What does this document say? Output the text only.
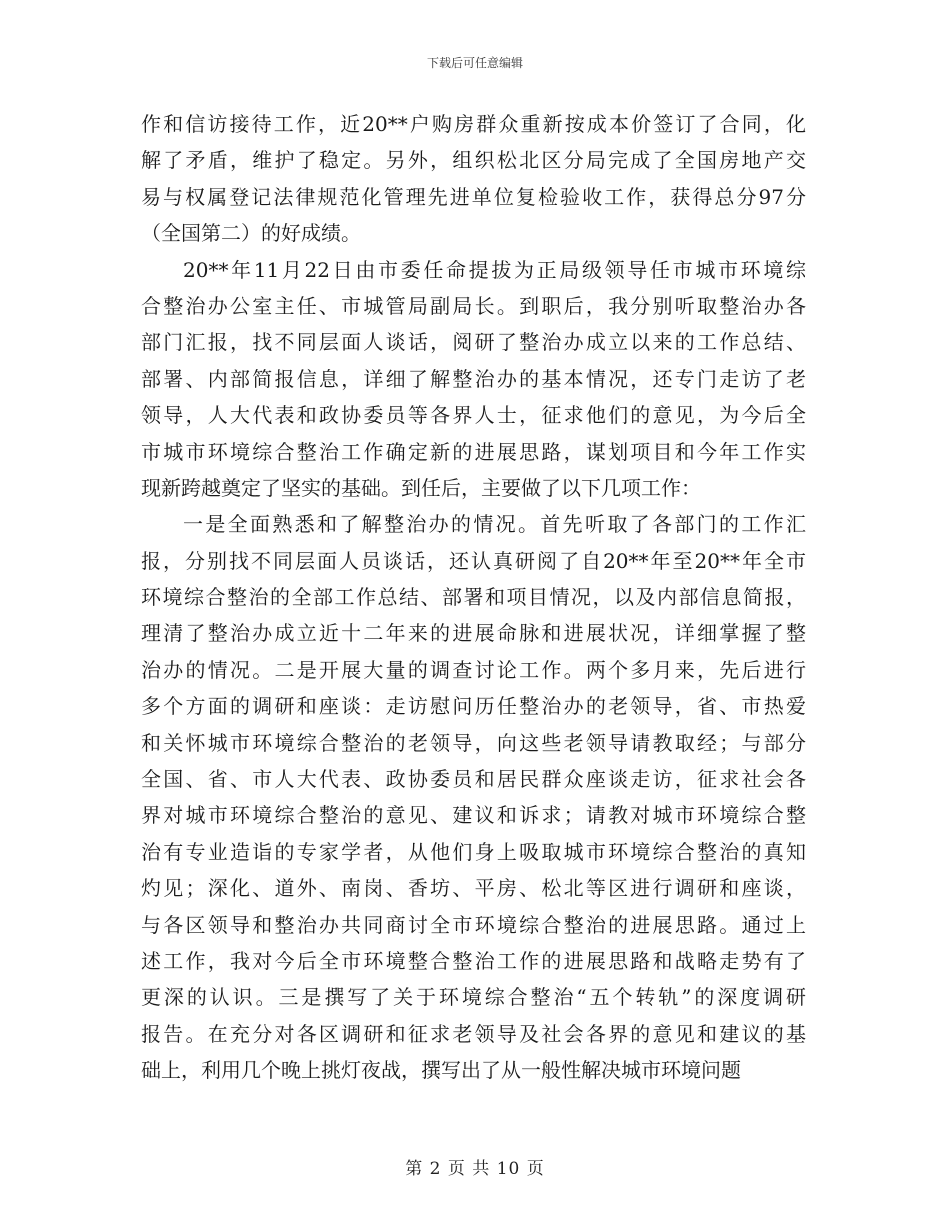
下载后可任意编辑
作和信访接待工作，近20**户购房群众重新按成本价签订了合同，化
解了矛盾，维护了稳定。另外，组织松北区分局完成了全国房地产交
易与权属登记法律规范化管理先进单位复检验收工作，获得总分97分
（全国第二）的好成绩。
20**年11月22日由市委任命提拔为正局级领导任市城市环境综
合整治办公室主任、市城管局副局长。到职后，我分别听取整治办各
部门汇报，找不同层面人谈话，阅研了整治办成立以来的工作总结、
部署、内部简报信息，详细了解整治办的基本情况，还专门走访了老
领导，人大代表和政协委员等各界人士，征求他们的意见，为今后全
市城市环境综合整治工作确定新的进展思路，谋划项目和今年工作实
现新跨越奠定了坚实的基础。到任后，主要做了以下几项工作：
一是全面熟悉和了解整治办的情况。首先听取了各部门的工作汇
报，分别找不同层面人员谈话，还认真研阅了自20**年至20**年全市
环境综合整治的全部工作总结、部署和项目情况，以及内部信息简报，
理清了整治办成立近十二年来的进展命脉和进展状况，详细掌握了整
治办的情况。二是开展大量的调查讨论工作。两个多月来，先后进行
多个方面的调研和座谈：走访慰问历任整治办的老领导，省、市热爱
和关怀城市环境综合整治的老领导，向这些老领导请教取经；与部分
全国、省、市人大代表、政协委员和居民群众座谈走访，征求社会各
界对城市环境综合整治的意见、建议和诉求；请教对城市环境综合整
治有专业造诣的专家学者，从他们身上吸取城市环境综合整治的真知
灼见；深化、道外、南岗、香坊、平房、松北等区进行调研和座谈，
与各区领导和整治办共同商讨全市环境综合整治的进展思路。通过上
述工作，我对今后全市环境整合整治工作的进展思路和战略走势有了
更深的认识。三是撰写了关于环境综合整治“五个转轨”的深度调研
报告。在充分对各区调研和征求老领导及社会各界的意见和建议的基
础上，利用几个晚上挑灯夜战，撰写出了从一般性解决城市环境问题
第 2 页 共 10 页
